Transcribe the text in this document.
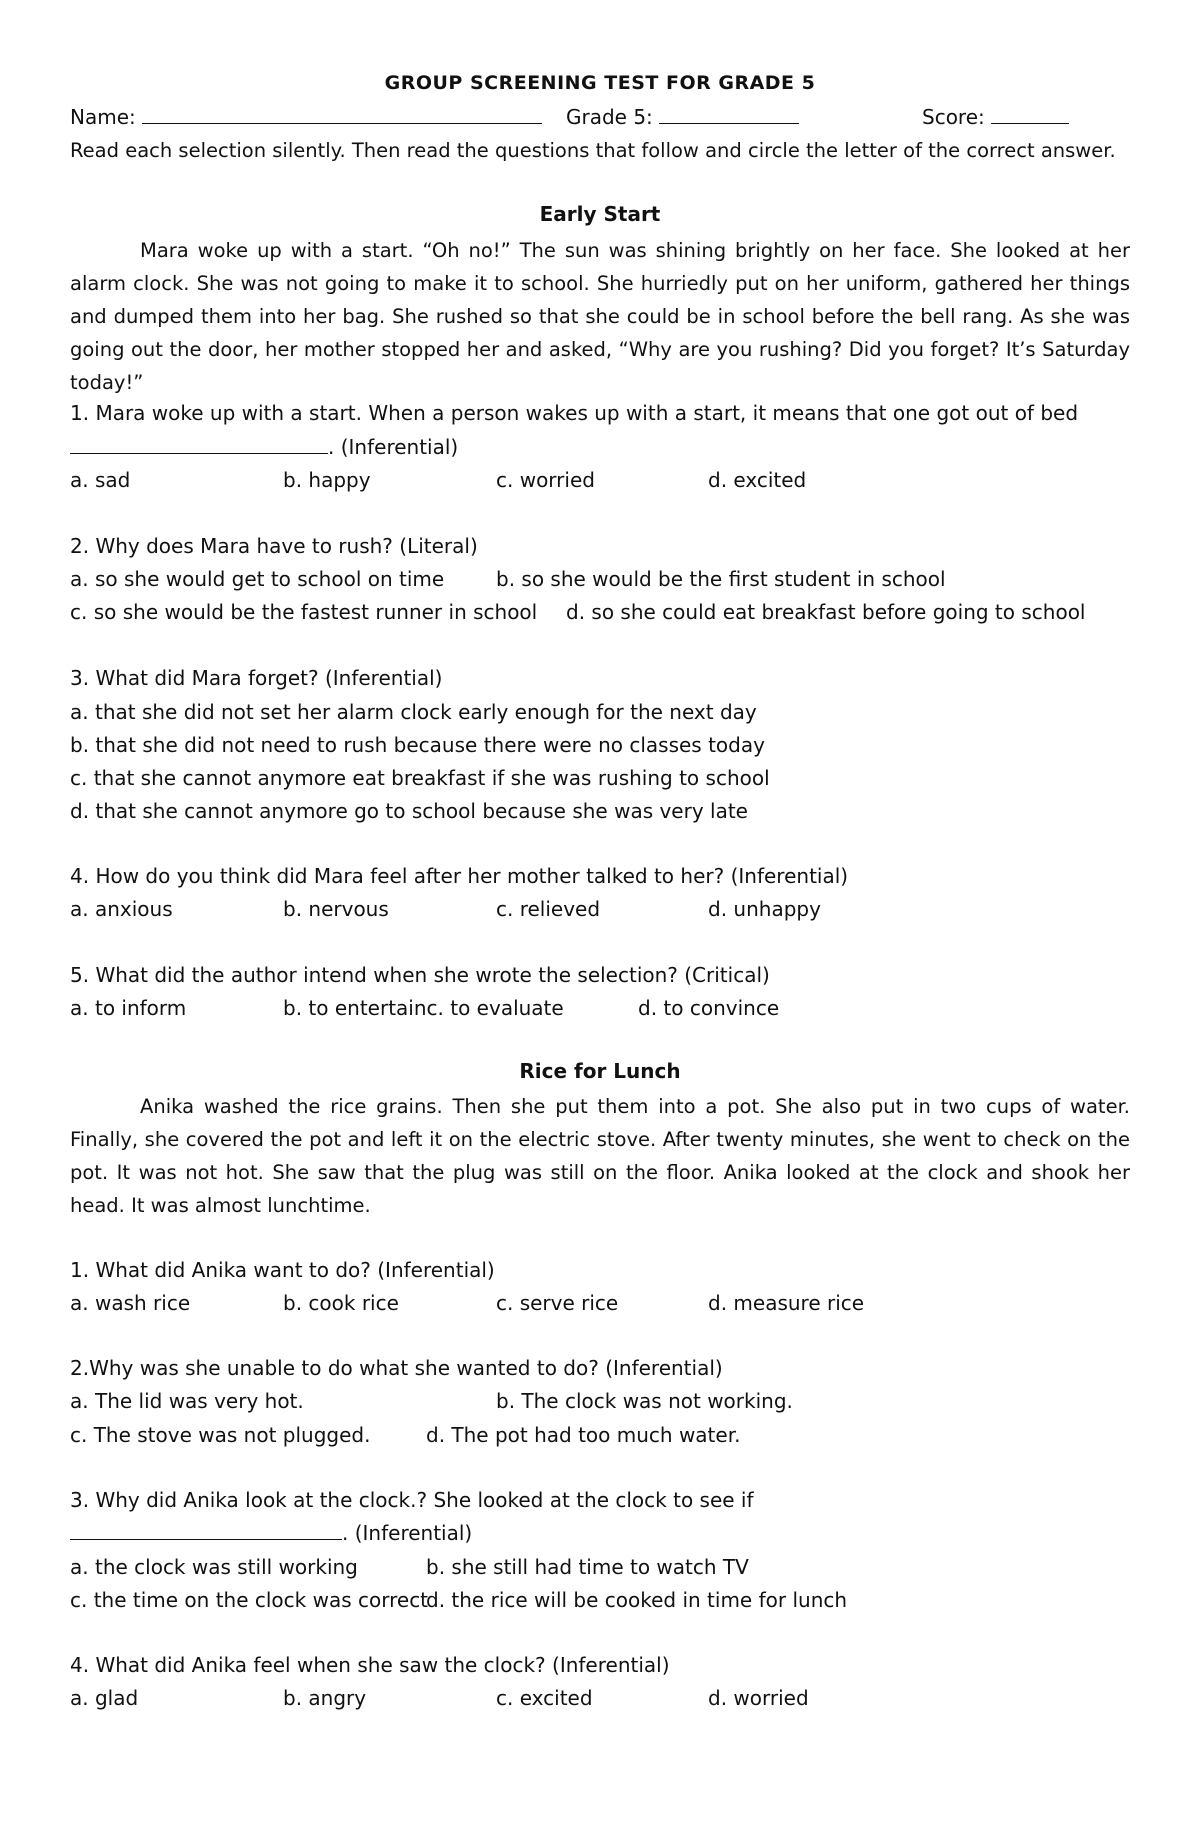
GROUP SCREENING TEST FOR GRADE 5
Name:	Grade 5:	Score:
Read each selection silently. Then read the questions that follow and circle the letter of the correct answer.
Early Start
Mara woke up with a start. “Oh no!” The sun was shining brightly on her face. She looked at her alarm clock. She was not going to make it to school. She hurriedly put on her uniform, gathered her things and dumped them into her bag. She rushed so that she could be in school before the bell rang. As she was going out the door, her mother stopped her and asked, “Why are you rushing? Did you forget? It’s Saturday today!”
1. Mara woke up with a start. When a person wakes up with a start, it means that one got out of bed
. (Inferential)
a. sad	b. happy	c. worried	d. excited
2. Why does Mara have to rush? (Literal)
a. so she would get to school on time	b. so she would be the first student in school
c. so she would be the fastest runner in school d. so she could eat breakfast before going to school
3. What did Mara forget? (Inferential)
a. that she did not set her alarm clock early enough for the next day
b. that she did not need to rush because there were no classes today
c. that she cannot anymore eat breakfast if she was rushing to school
d. that she cannot anymore go to school because she was very late
4. How do you think did Mara feel after her mother talked to her? (Inferential)
a. anxious	b. nervous	c. relieved	d. unhappy
5. What did the author intend when she wrote the selection? (Critical)
a. to inform	b. to entertainc. to evaluate	d. to convince
Rice for Lunch
Anika washed the rice grains. Then she put them into a pot. She also put in two cups of water. Finally, she covered the pot and left it on the electric stove. After twenty minutes, she went to check on the pot. It was not hot. She saw that the plug was still on the floor. Anika looked at the clock and shook her head. It was almost lunchtime.
1. What did Anika want to do? (Inferential)
a. wash rice	b. cook rice	c. serve rice	d. measure rice
2.Why was she unable to do what she wanted to do? (Inferential)
a. The lid was very hot.	b. The clock was not working.
c. The stove was not plugged.	d. The pot had too much water.
3. Why did Anika look at the clock.? She looked at the clock to see if
. (Inferential)
a. the clock was still working	b. she still had time to watch TV
c. the time on the clock was correct
d. the rice will be cooked in time for lunch
4. What did Anika feel when she saw the clock? (Inferential)
a. glad	b. angry	c. excited	d. worried
